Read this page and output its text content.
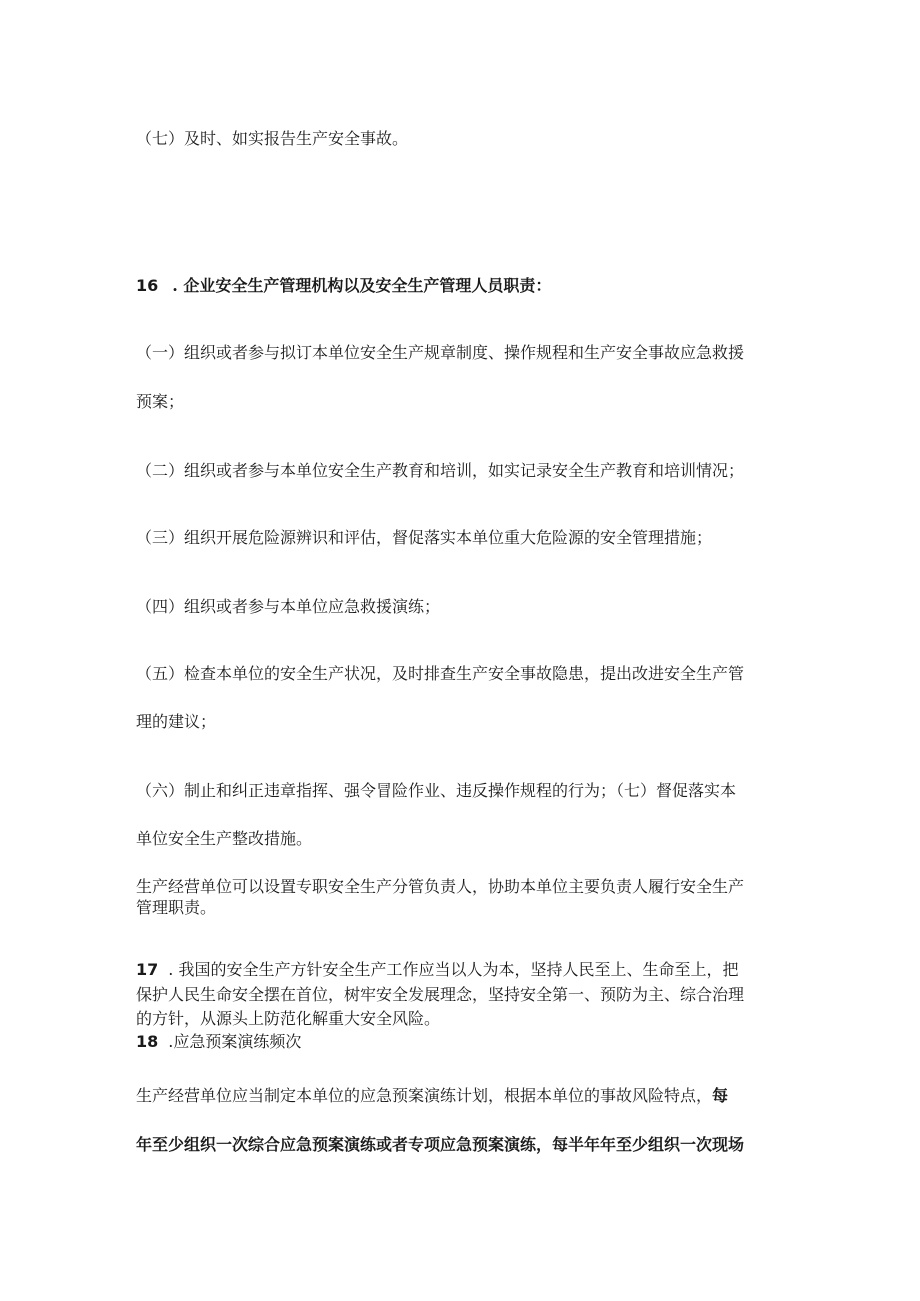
（七）及时、如实报告生产安全事故。
16 . 企业安全生产管理机构以及安全生产管理人员职责：
（一）组织或者参与拟订本单位安全生产规章制度、操作规程和生产安全事故应急救援
预案；
（二）组织或者参与本单位安全生产教育和培训，如实记录安全生产教育和培训情况；
（三）组织开展危险源辨识和评估，督促落实本单位重大危险源的安全管理措施；
（四）组织或者参与本单位应急救援演练；
（五）检查本单位的安全生产状况，及时排查生产安全事故隐患，提出改进安全生产管
理的建议；
（六）制止和纠正违章指挥、强令冒险作业、违反操作规程的行为；（七）督促落实本
单位安全生产整改措施。
生产经营单位可以设置专职安全生产分管负责人，协助本单位主要负责人履行安全生产
管理职责。
17 . 我国的安全生产方针安全生产工作应当以人为本，坚持人民至上、生命至上，把
保护人民生命安全摆在首位，树牢安全发展理念，坚持安全第一、预防为主、综合治理
的方针，从源头上防范化解重大安全风险。
18 .应急预案演练频次
生产经营单位应当制定本单位的应急预案演练计划，根据本单位的事故风险特点，每
年至少组织一次综合应急预案演练或者专项应急预案演练，每半年年至少组织一次现场
